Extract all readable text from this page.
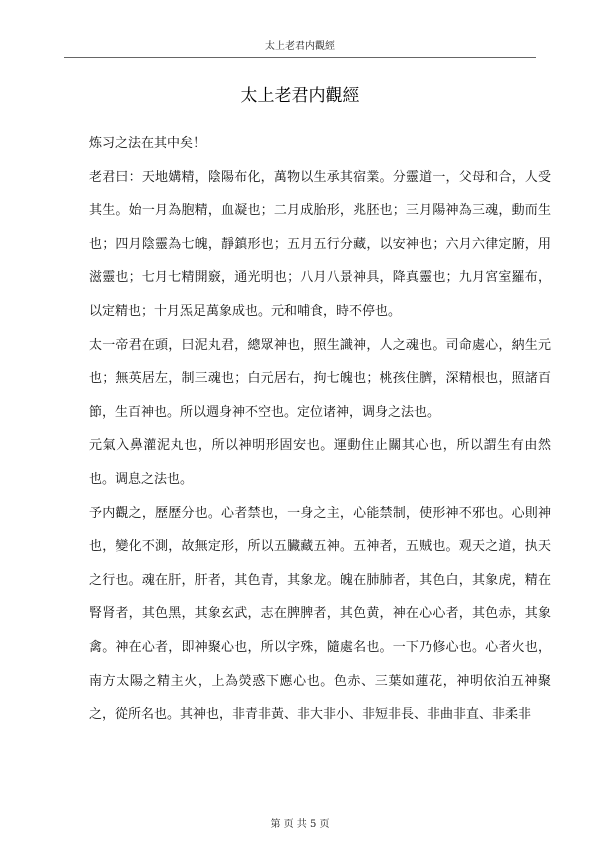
太上老君内觀經
太上老君内觀經

炼习之法在其中矣！

老君曰：天地媾精，陰陽布化，萬物以生承其宿業。分靈道一，父母和合，人受其生。始一月為胞精，血凝也；二月成胎形，兆胚也；三月陽神為三魂，動而生也；四月陰靈為七魄，靜鎮形也；五月五行分藏，以安神也；六月六律定腑，用滋靈也；七月七精開竅，通光明也；八月八景神具，降真靈也；九月宮室羅布，以定精也；十月炁足萬象成也。元和哺食，時不停也。

太一帝君在頭，曰泥丸君，總眾神也，照生識神，人之魂也。司命處心，納生元也；無英居左，制三魂也；白元居右，拘七魄也；桃孩住臍，深精根也，照諸百節，生百神也。所以週身神不空也。定位诸神，调身之法也。

元氣入鼻灌泥丸也，所以神明形固安也。運動住止關其心也，所以謂生有由然也。调息之法也。

予内觀之，歷歷分也。心者禁也，一身之主，心能禁制，使形神不邪也。心則神也，變化不測，故無定形，所以五臟藏五神。五神者，五贼也。观天之道，执天之行也。魂在肝，肝者，其色青，其象龙。魄在肺肺者，其色白，其象虎，精在腎肾者，其色黑，其象玄武，志在脾脾者，其色黄，神在心心者，其色赤，其象禽。神在心者，即神聚心也，所以字殊，隨處名也。一下乃修心也。心者火也，南方太陽之精主火，上為熒惑下應心也。色赤、三葉如蓮花，神明依泊五神聚之，從所名也。其神也，非青非黃、非大非小、非短非長、非曲非直、非柔非

第 页 共 5 页
